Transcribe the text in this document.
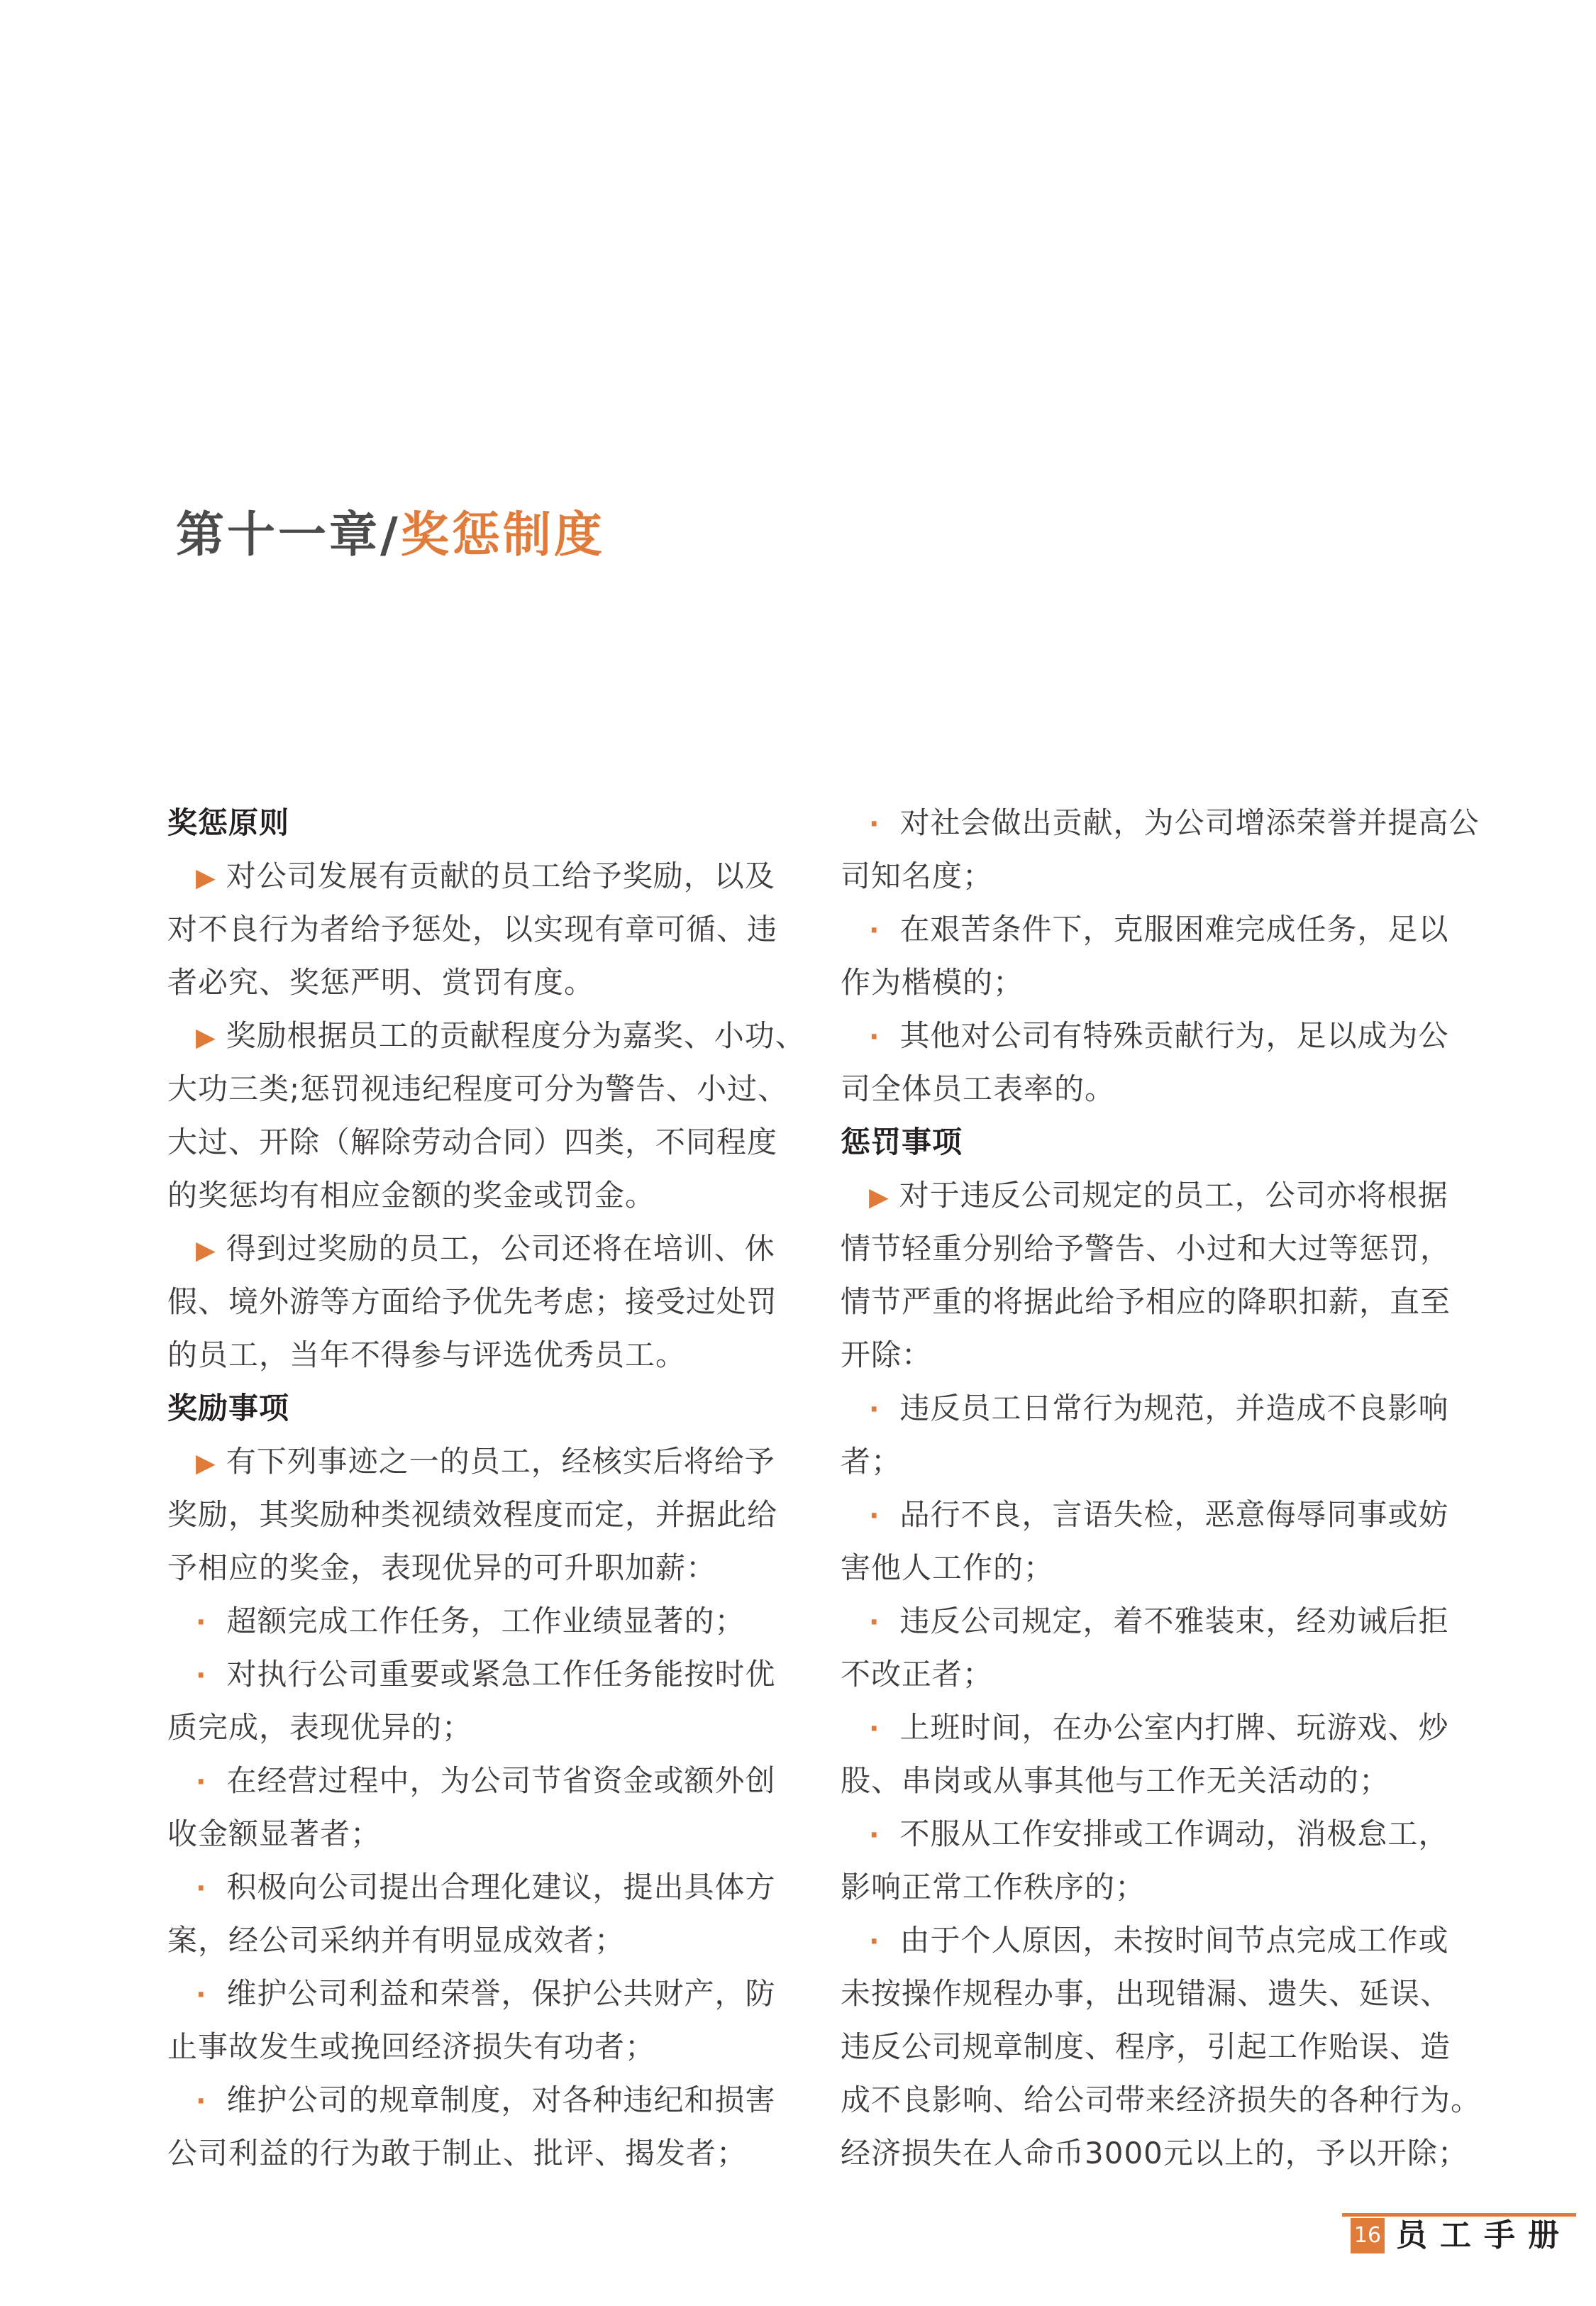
第十一章/奖惩制度
奖惩原则
▶ 对公司发展有贡献的员工给予奖励，以及
对不良行为者给予惩处，以实现有章可循、违
者必究、奖惩严明、赏罚有度。
▶ 奖励根据员工的贡献程度分为嘉奖、小功、
大功三类;惩罚视违纪程度可分为警告、小过、
大过、开除（解除劳动合同）四类，不同程度
的奖惩均有相应金额的奖金或罚金。
▶ 得到过奖励的员工，公司还将在培训、休
假、境外游等方面给予优先考虑；接受过处罚
的员工，当年不得参与评选优秀员工。
奖励事项
▶ 有下列事迹之一的员工，经核实后将给予
奖励，其奖励种类视绩效程度而定，并据此给
予相应的奖金，表现优异的可升职加薪：
· 超额完成工作任务，工作业绩显著的；
· 对执行公司重要或紧急工作任务能按时优
质完成，表现优异的；
· 在经营过程中，为公司节省资金或额外创
收金额显著者；
· 积极向公司提出合理化建议，提出具体方
案，经公司采纳并有明显成效者；
· 维护公司利益和荣誉，保护公共财产，防
止事故发生或挽回经济损失有功者；
· 维护公司的规章制度，对各种违纪和损害
公司利益的行为敢于制止、批评、揭发者；
· 对社会做出贡献，为公司增添荣誉并提高公
司知名度；
· 在艰苦条件下，克服困难完成任务，足以
作为楷模的；
· 其他对公司有特殊贡献行为，足以成为公
司全体员工表率的。
惩罚事项
▶ 对于违反公司规定的员工，公司亦将根据
情节轻重分别给予警告、小过和大过等惩罚，
情节严重的将据此给予相应的降职扣薪，直至
开除：
· 违反员工日常行为规范，并造成不良影响
者；
· 品行不良，言语失检，恶意侮辱同事或妨
害他人工作的；
· 违反公司规定，着不雅装束，经劝诫后拒
不改正者；
· 上班时间，在办公室内打牌、玩游戏、炒
股、串岗或从事其他与工作无关活动的；
· 不服从工作安排或工作调动，消极怠工，
影响正常工作秩序的；
· 由于个人原因，未按时间节点完成工作或
未按操作规程办事，出现错漏、遗失、延误、
违反公司规章制度、程序，引起工作贻误、造
成不良影响、给公司带来经济损失的各种行为。
经济损失在人命币3000元以上的，予以开除；
16 员工手册
